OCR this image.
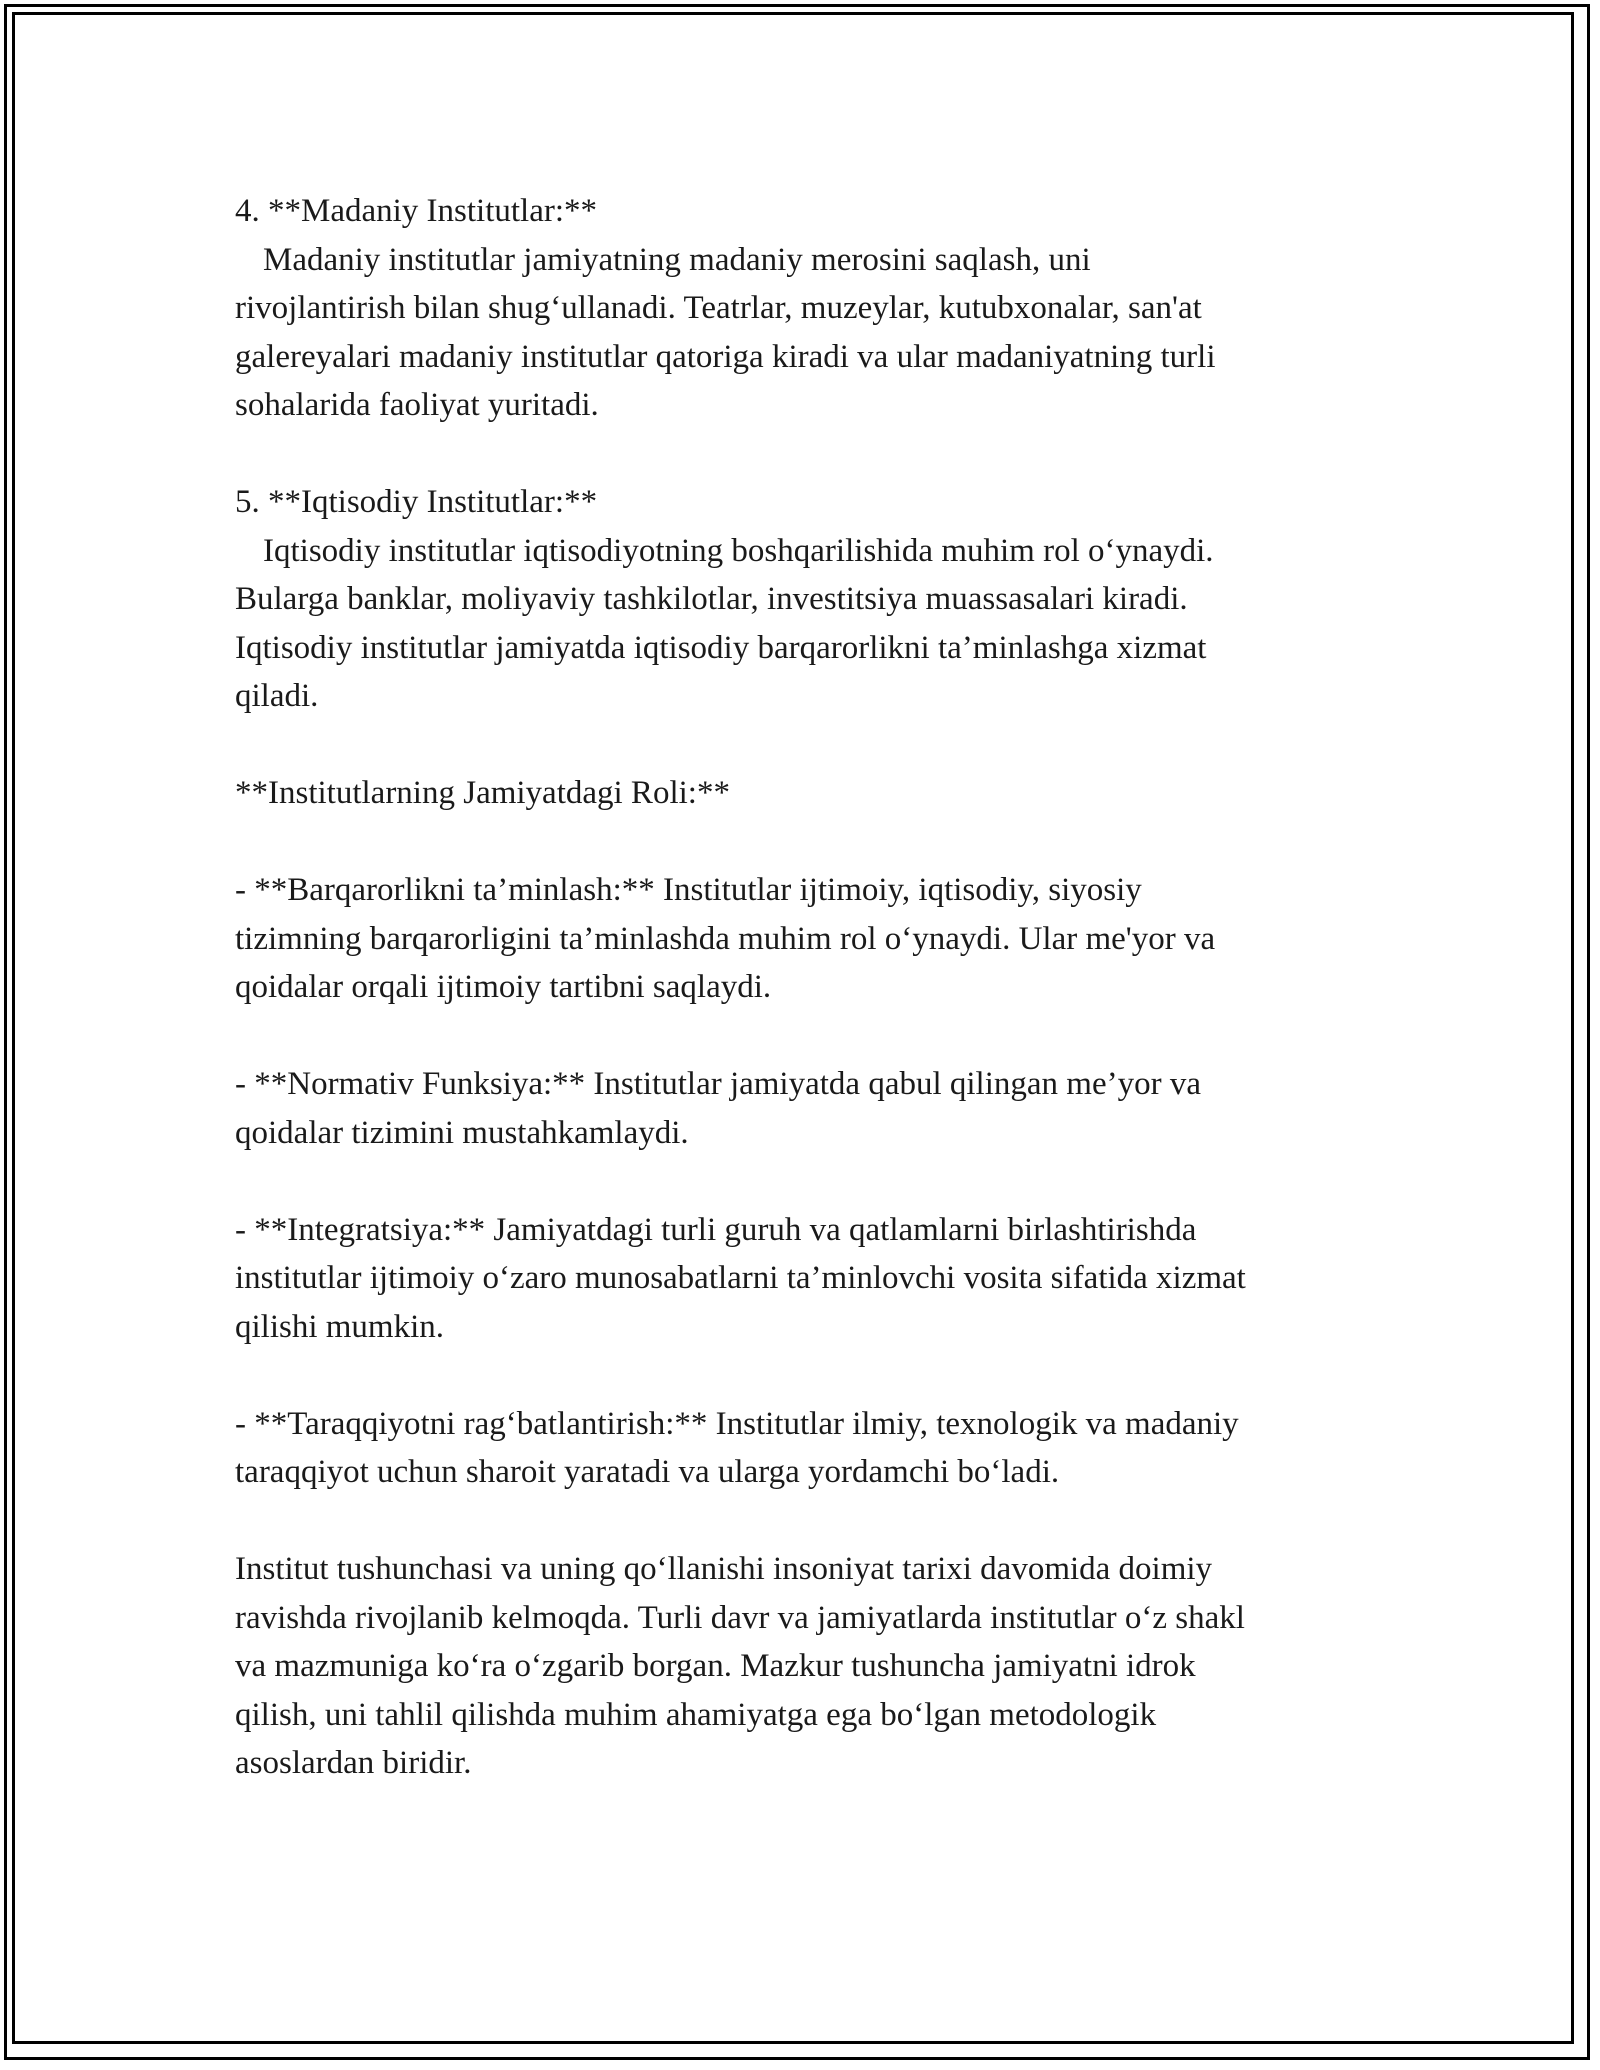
4. **Madaniy Institutlar:**
Madaniy institutlar jamiyatning madaniy merosini saqlash, uni
rivojlantirish bilan shug‘ullanadi. Teatrlar, muzeylar, kutubxonalar, san'at
galereyalari madaniy institutlar qatoriga kiradi va ular madaniyatning turli
sohalarida faoliyat yuritadi.

5. **Iqtisodiy Institutlar:**
Iqtisodiy institutlar iqtisodiyotning boshqarilishida muhim rol o‘ynaydi.
Bularga banklar, moliyaviy tashkilotlar, investitsiya muassasalari kiradi.
Iqtisodiy institutlar jamiyatda iqtisodiy barqarorlikni ta’minlashga xizmat
qiladi.

**Institutlarning Jamiyatdagi Roli:**

- **Barqarorlikni ta’minlash:** Institutlar ijtimoiy, iqtisodiy, siyosiy
tizimning barqarorligini ta’minlashda muhim rol o‘ynaydi. Ular me'yor va
qoidalar orqali ijtimoiy tartibni saqlaydi.

- **Normativ Funksiya:** Institutlar jamiyatda qabul qilingan me’yor va
qoidalar tizimini mustahkamlaydi.

- **Integratsiya:** Jamiyatdagi turli guruh va qatlamlarni birlashtirishda
institutlar ijtimoiy o‘zaro munosabatlarni ta’minlovchi vosita sifatida xizmat
qilishi mumkin.

- **Taraqqiyotni rag‘batlantirish:** Institutlar ilmiy, texnologik va madaniy
taraqqiyot uchun sharoit yaratadi va ularga yordamchi bo‘ladi.

Institut tushunchasi va uning qo‘llanishi insoniyat tarixi davomida doimiy
ravishda rivojlanib kelmoqda. Turli davr va jamiyatlarda institutlar o‘z shakl
va mazmuniga ko‘ra o‘zgarib borgan. Mazkur tushuncha jamiyatni idrok
qilish, uni tahlil qilishda muhim ahamiyatga ega bo‘lgan metodologik
asoslardan biridir.
